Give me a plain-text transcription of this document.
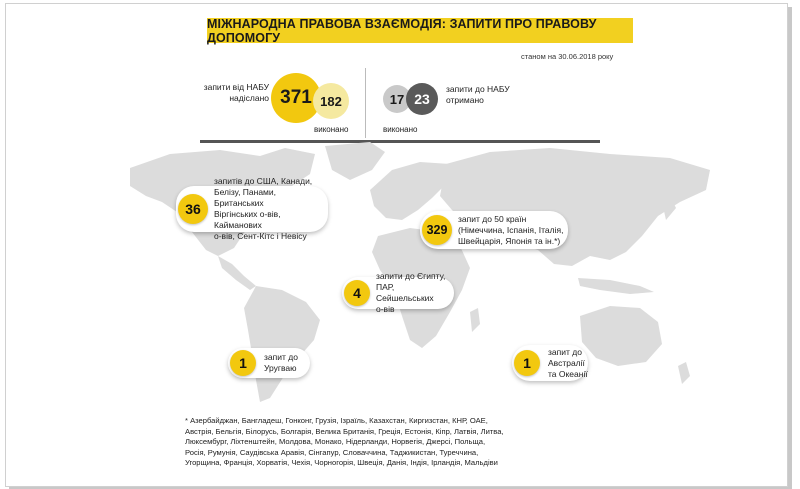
МІЖНАРОДНА ПРАВОВА ВЗАЄМОДІЯ: ЗАПИТИ ПРО ПРАВОВУ ДОПОМОГУ
станом на 30.06.2018 року
запити від НАБУ
надіслано 371 182
виконано
17 23
виконано
запити до НАБУ
отримано
36
запитів до США, Канади,
Белізу, Панами, Британських
Віргінських о-вів, Кайманових
о-вів, Сент-Кітс і Невісу	329
запит до 50 країн
(Німеччина, Іспанія, Італія,
Швейцарія, Японія та ін.*)
4
запити до Єгипту,
ПАР, Сейшельських
о-вів
1	запит до
Уругваю	1
запит до
Австралії
та Океанії
* Азербайджан, Бангладеш, Гонконг, Грузія, Ізраїль, Казахстан, Киргизстан, КНР, ОАЕ, Австрія, Бельгія, Білорусь, Болгарія, Велика Британія, Греція, Естонія, Кіпр, Латвія, Литва, Люксембург, Ліхтенштейн, Молдова, Монако, Нідерланди, Норвегія, Джерсі, Польща, Росія, Румунія, Саудівська Аравія, Сінгапур, Словаччина, Таджикистан, Туреччина, Угорщина, Франція, Хорватія, Чехія, Чорногорія, Швеція, Данія, Індія, Ірландія, Мальдіви
